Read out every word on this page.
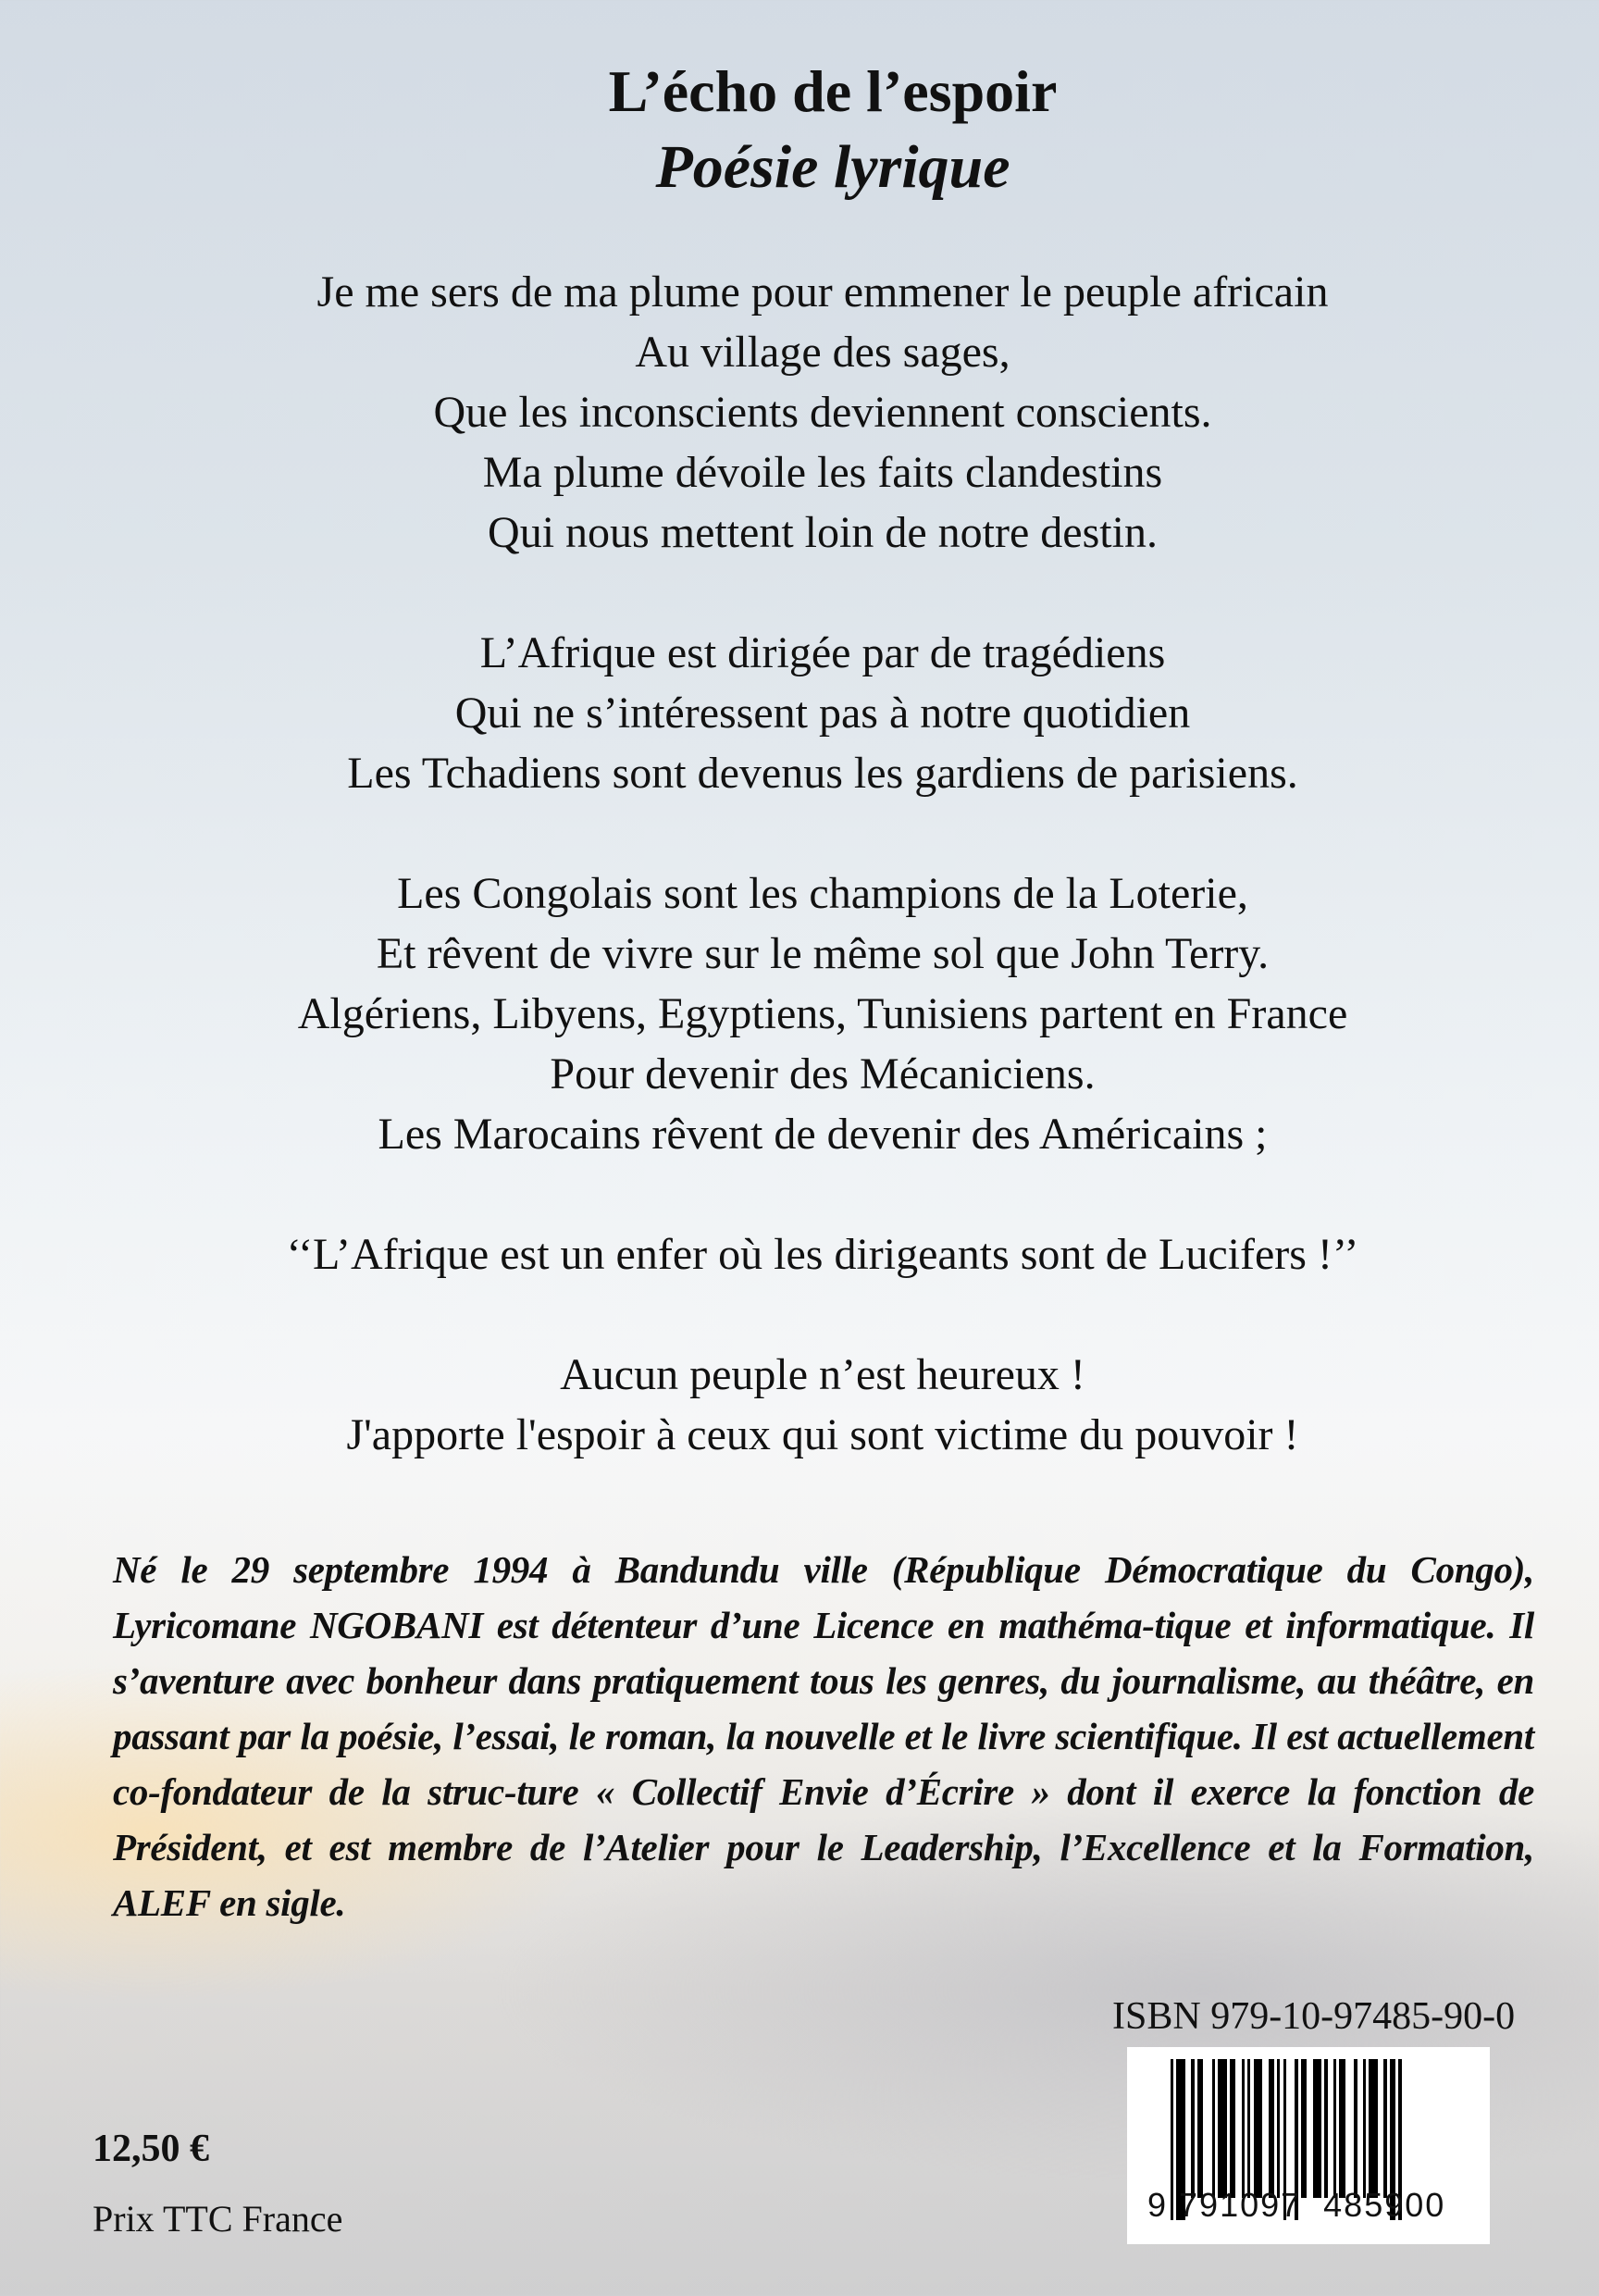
L’écho de l’espoir
Poésie lyrique
Je me sers de ma plume pour emmener le peuple africain
Au village des sages,
Que les inconscients deviennent conscients.
Ma plume dévoile les faits clandestins
Qui nous mettent loin de notre destin.
L’Afrique est dirigée par de tragédiens
Qui ne s’intéressent pas à notre quotidien
Les Tchadiens sont devenus les gardiens de parisiens.
Les Congolais sont les champions de la Loterie,
Et rêvent de vivre sur le même sol que John Terry.
Algériens, Libyens, Egyptiens, Tunisiens partent en France
Pour devenir des Mécaniciens.
Les Marocains rêvent de devenir des Américains ;
‘‘L’Afrique est un enfer où les dirigeants sont de Lucifers !’’
Aucun peuple n’est heureux !
J'apporte l'espoir à ceux qui sont victime du pouvoir !
Né le 29 septembre 1994 à Bandundu ville (République Démocratique du Congo), Lyricomane NGOBANI est détenteur d’une Licence en mathéma-tique et informatique. Il s’aventure avec bonheur dans pratiquement tous les genres, du journalisme, au théâtre, en passant par la poésie, l’essai, le roman, la nouvelle et le livre scientifique. Il est actuellement co-fondateur de la struc-ture « Collectif Envie d’Écrire » dont il exerce la fonction de Président, et est membre de l’Atelier pour le Leadership, l’Excellence et la Formation, ALEF en sigle.
ISBN 979-10-97485-90-0
9 791097  485900
12,50 €
Prix TTC France
